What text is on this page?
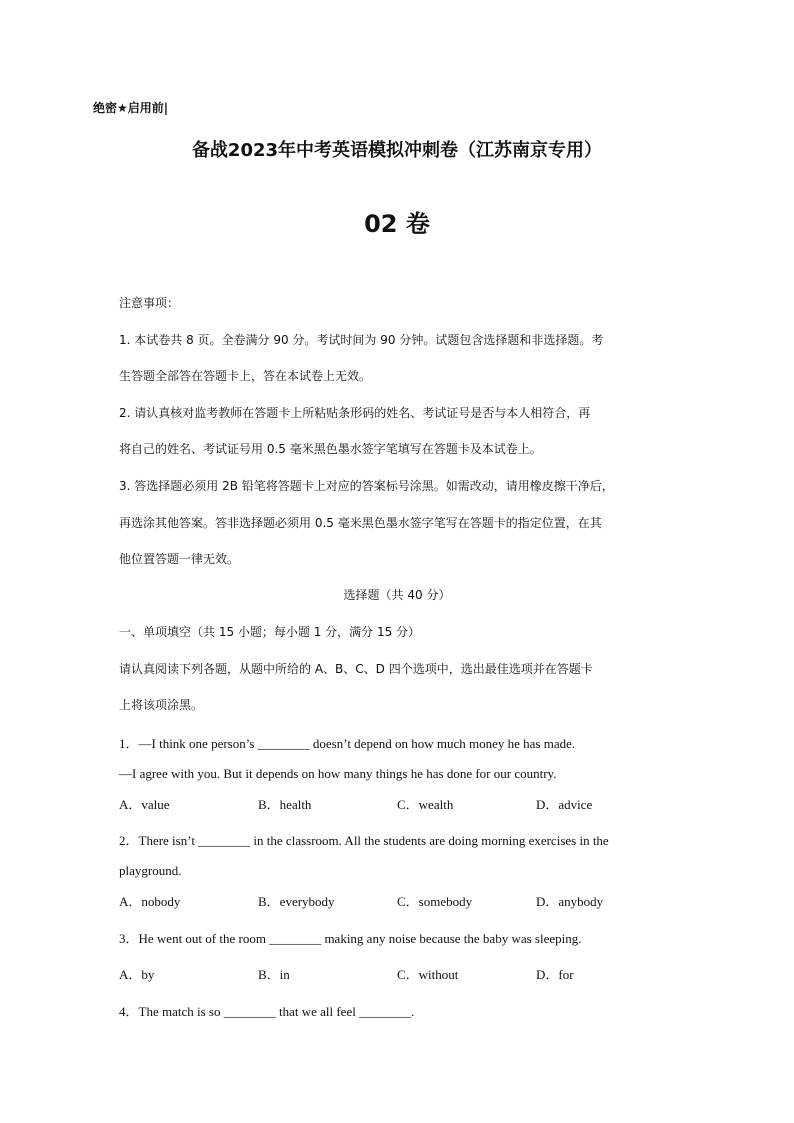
绝密★启用前|
备战2023年中考英语模拟冲刺卷（江苏南京专用）
02 卷
注意事项：
1. 本试卷共 8 页。全卷满分 90 分。考试时间为 90 分钟。试题包含选择题和非选择题。考
生答题全部答在答题卡上，答在本试卷上无效。
2. 请认真核对监考教师在答题卡上所粘贴条形码的姓名、考试证号是否与本人相符合，再
将自己的姓名、考试证号用 0.5 毫米黑色墨水签字笔填写在答题卡及本试卷上。
3. 答选择题必须用 2B 铅笔将答题卡上对应的答案标号涂黑。如需改动，请用橡皮擦干净后，
再选涂其他答案。答非选择题必须用 0.5 毫米黑色墨水签字笔写在答题卡的指定位置，在其
他位置答题一律无效。
选择题（共 40 分）
一、单项填空（共 15 小题；每小题 1 分，满分 15 分）
请认真阅读下列各题，从题中所给的 A、B、C、D 四个选项中，选出最佳选项并在答题卡
上将该项涂黑。
1．—I think one person’s ________ doesn’t depend on how much money he has made.
—I agree with you. But it depends on how many things he has done for our country.
A．value	B．health	C．wealth	D．advice
2．There isn’t ________ in the classroom. All the students are doing morning exercises in the
playground.
A．nobody	B．everybody	C．somebody	D．anybody
3．He went out of the room ________ making any noise because the baby was sleeping.
A．by	B．in	C．without	D．for
4．The match is so ________ that we all feel ________.
